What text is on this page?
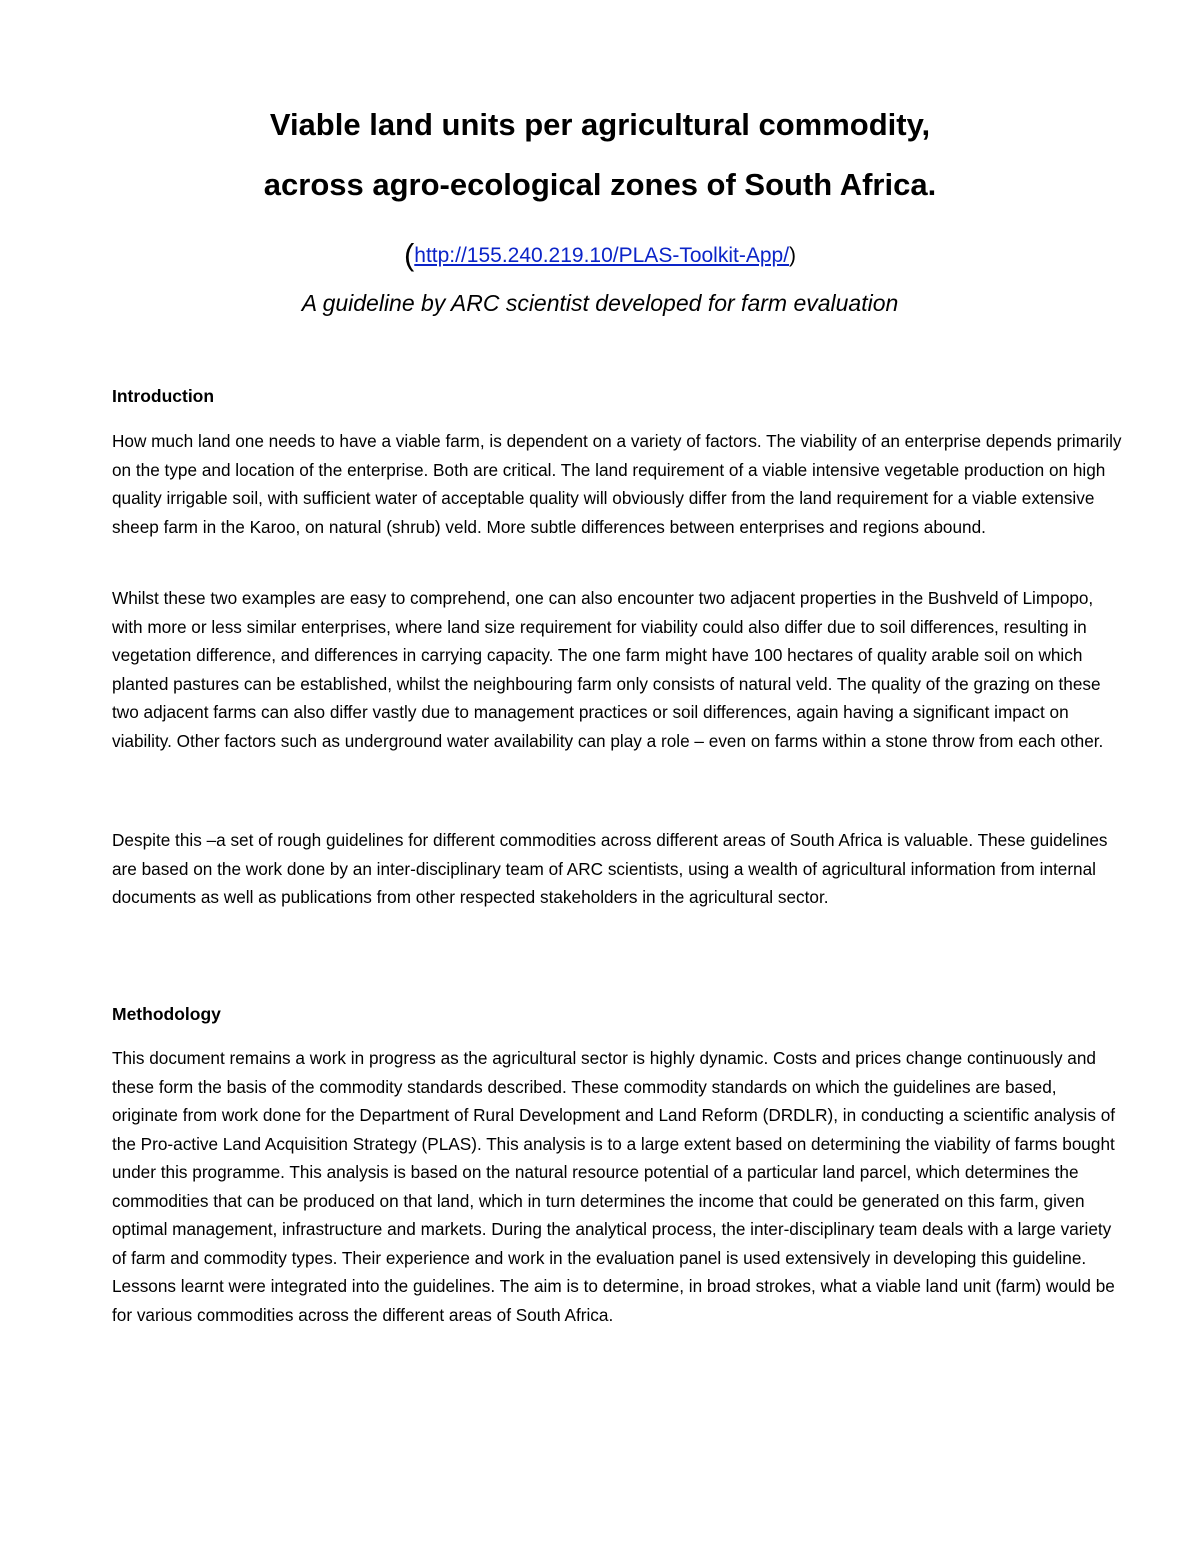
Viable land units per agricultural commodity,
across agro-ecological zones of South Africa.
(http://155.240.219.10/PLAS-Toolkit-App/)
A guideline by ARC scientist developed for farm evaluation
Introduction

How much land one needs to have a viable farm, is dependent on a variety of factors. The viability of an enterprise depends primarily on the type and location of the enterprise. Both are critical. The land requirement of a viable intensive vegetable production on high quality irrigable soil, with sufficient water of acceptable quality will obviously differ from the land requirement for a viable extensive sheep farm in the Karoo, on natural (shrub) veld. More subtle differences between enterprises and regions abound.

Whilst these two examples are easy to comprehend, one can also encounter two adjacent properties in the Bushveld of Limpopo, with more or less similar enterprises, where land size requirement for viability could also differ due to soil differences, resulting in vegetation difference, and differences in carrying capacity. The one farm might have 100 hectares of quality arable soil on which planted pastures can be established, whilst the neighbouring farm only consists of natural veld. The quality of the grazing on these two adjacent farms can also differ vastly due to management practices or soil differences, again having a significant impact on viability. Other factors such as underground water availability can play a role – even on farms within a stone throw from each other.

Despite this –a set of rough guidelines for different commodities across different areas of South Africa is valuable. These guidelines are based on the work done by an inter-disciplinary team of ARC scientists, using a wealth of agricultural information from internal documents as well as publications from other respected stakeholders in the agricultural sector.

Methodology

This document remains a work in progress as the agricultural sector is highly dynamic. Costs and prices change continuously and these form the basis of the commodity standards described. These commodity standards on which the guidelines are based, originate from work done for the Department of Rural Development and Land Reform (DRDLR), in conducting a scientific analysis of the Pro-active Land Acquisition Strategy (PLAS). This analysis is to a large extent based on determining the viability of farms bought under this programme. This analysis is based on the natural resource potential of a particular land parcel, which determines the commodities that can be produced on that land, which in turn determines the income that could be generated on this farm, given optimal management, infrastructure and markets. During the analytical process, the inter-disciplinary team deals with a large variety of farm and commodity types. Their experience and work in the evaluation panel is used extensively in developing this guideline. Lessons learnt were integrated into the guidelines. The aim is to determine, in broad strokes, what a viable land unit (farm) would be for various commodities across the different areas of South Africa.
